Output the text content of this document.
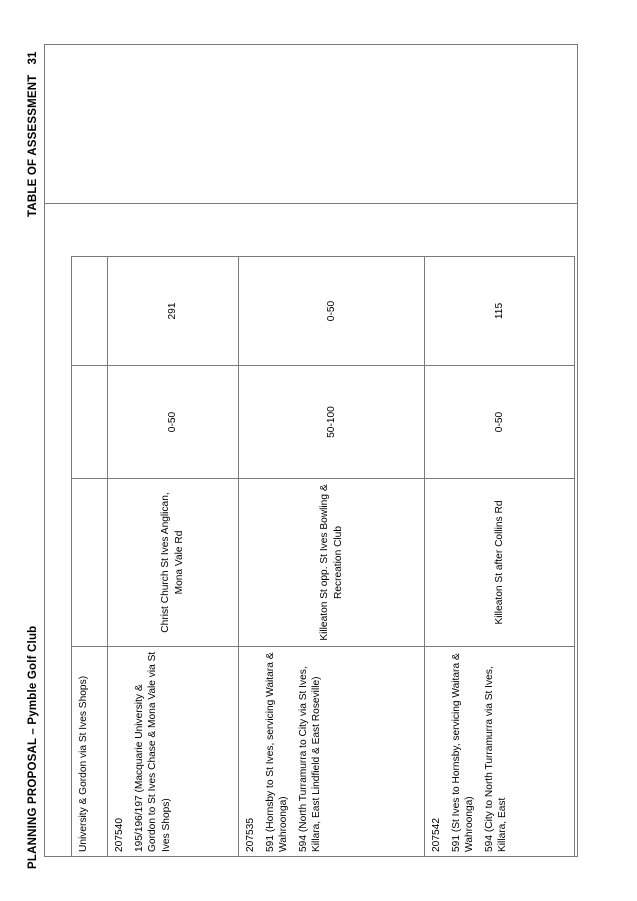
PLANNING PROPOSAL – Pymble Golf Club
TABLE OF ASSESSMENT31

University & Gordon via St Ives Shops)			

207540 195/196/197 (Macquarie University & Gordon to St Ives Chase & Mona Vale via St Ives Shops)	Christ Church St Ives Anglican, Mona Vale Rd	0-50	291

207535 591 (Hornsby to St Ives, servicing Waitara & Wahroonga) 594 (North Turramurra to City via St Ives, Killara, East Lindfield & East Roseville)	Killeaton St opp. St Ives Bowling & Recreation Club	50-100	0-50

207542 591 (St Ives to Hornsby, servicing Waitara & Wahroonga) 594 (City to North Turramurra via St Ives, Killara, East	Killeaton St after Collins Rd	0-50	115
